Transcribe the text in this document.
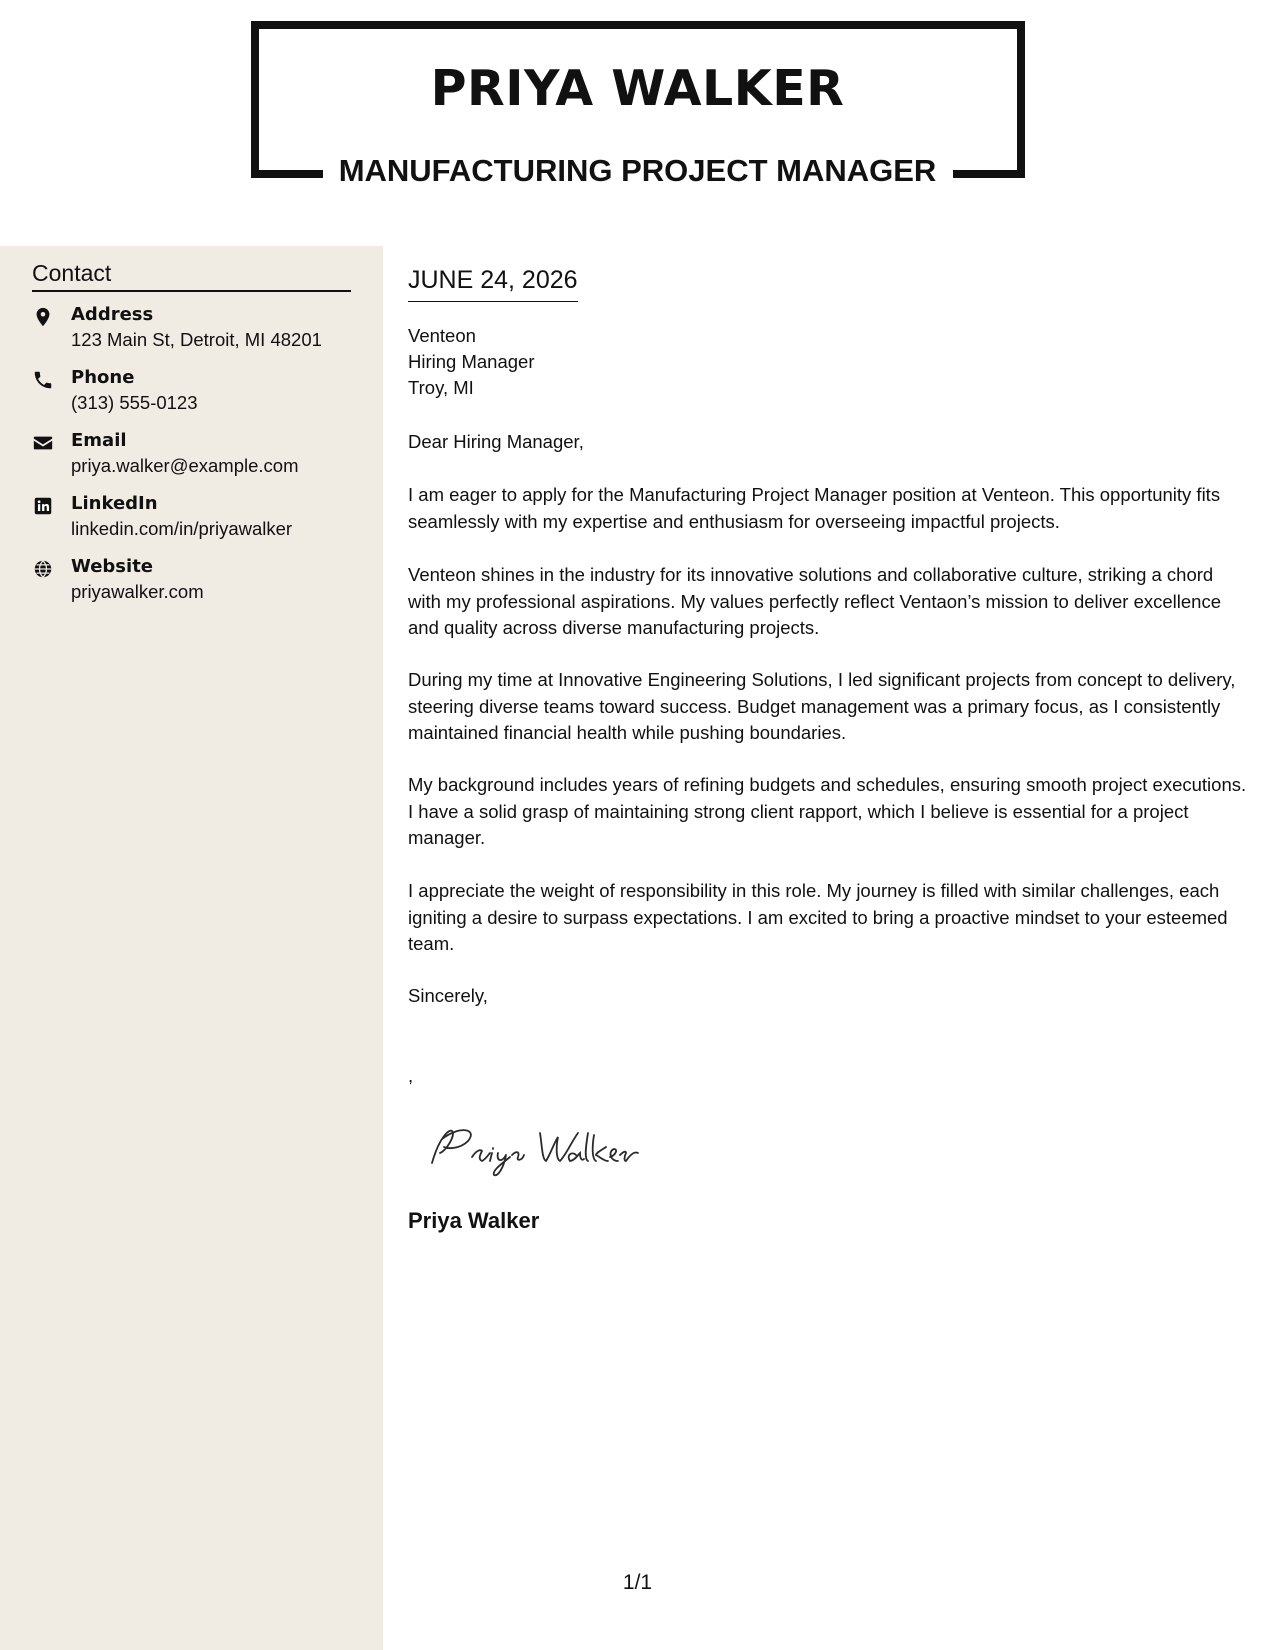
PRIYA WALKER
MANUFACTURING PROJECT MANAGER
Contact
Address
123 Main St, Detroit, MI 48201
Phone
(313) 555-0123
Email
priya.walker@example.com
LinkedIn
linkedin.com/in/priyawalker
Website
priyawalker.com
JUNE 24, 2026
Venteon
Hiring Manager
Troy, MI

Dear Hiring Manager,

I am eager to apply for the Manufacturing Project Manager position at Venteon. This opportunity fits seamlessly with my expertise and enthusiasm for overseeing impactful projects.

Venteon shines in the industry for its innovative solutions and collaborative culture, striking a chord with my professional aspirations. My values perfectly reflect Ventaon’s mission to deliver excellence and quality across diverse manufacturing projects.

During my time at Innovative Engineering Solutions, I led significant projects from concept to delivery, steering diverse teams toward success. Budget management was a primary focus, as I consistently maintained financial health while pushing boundaries.

My background includes years of refining budgets and schedules, ensuring smooth project executions. I have a solid grasp of maintaining strong client rapport, which I believe is essential for a project manager.

I appreciate the weight of responsibility in this role. My journey is filled with similar challenges, each igniting a desire to surpass expectations. I am excited to bring a proactive mindset to your esteemed team.

Sincerely,

,

Priya Walker

1/1
